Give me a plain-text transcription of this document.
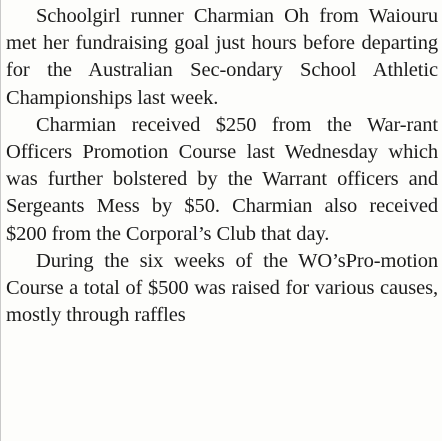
Schoolgirl runner Charmian Oh from Waiouru met her fundraising goal just hours before departing for the Australian Sec-ondary School Athletic Championships last week.

Charmian received $250 from the War-rant Officers Promotion Course last Wednesday which was further bolstered by the Warrant officers and Sergeants Mess by $50. Charmian also received $200 from the Corporal’s Club that day.

During the six weeks of the WO’sPro-motion Course a total of $500 was raised for various causes, mostly through raffles
